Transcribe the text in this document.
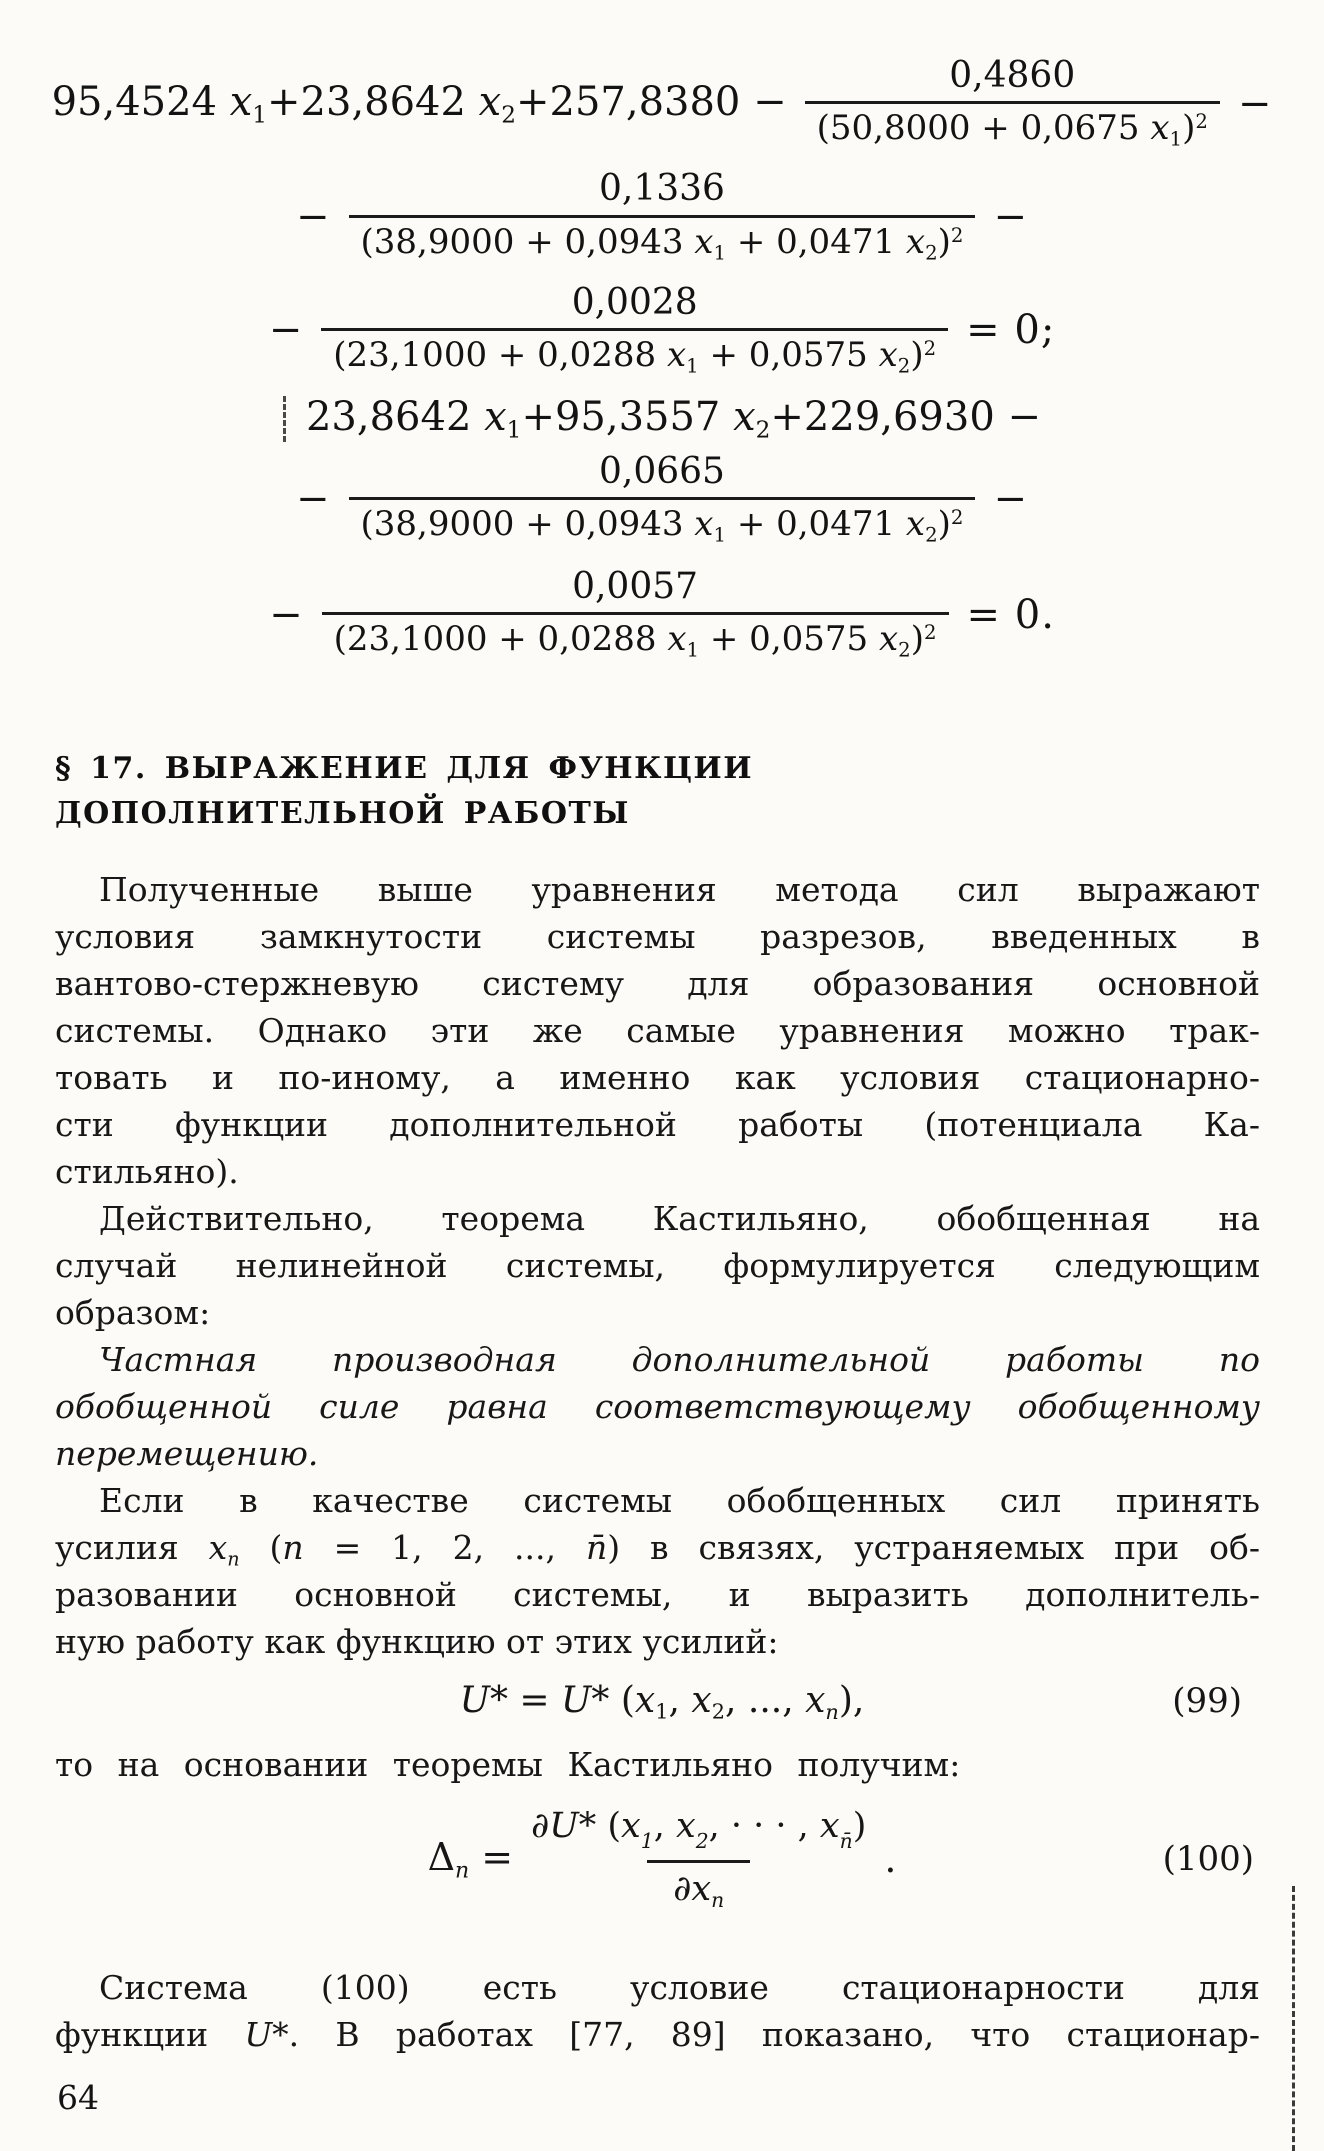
95,4524 x1+23,8642 $x2+257,8380 - \frac{0,4860}{(50,8000 + 0,0675 x1)^2}$ −
− $\frac{0,1336}{(38,9000 + 0,0943 x1 + 0,0471 x2)^2}$ −
− $\frac{0,0028}{(23,1000 + 0,0288 x1 + 0,0575 x2)^2} = 0$;
23,8642 x1+95,3557 x2+229,6930 −
− $\frac{0,0665}{(38,9000 + 0,0943 x1 + 0,0471 x2)^2}$ −
− $\frac{0,0057}{(23,1000 + 0,0288 x1 + 0,0575 x2)^2} = 0$.
§ 17. ВЫРАЖЕНИЕ ДЛЯ ФУНКЦИИ
ДОПОЛНИТЕЛЬНОЙ РАБОТЫ
Полученные выше уравнения метода сил выражают
условия замкнутости системы разрезов, введенных в
вантово-стержневую систему для образования основной
системы. Однако эти же самые уравнения можно трак-
товать и по-иному, а именно как условия стационарно-
сти функции дополнительной работы (потенциала Ка-
стильяно).
Действительно, теорема Кастильяно, обобщенная на
случай нелинейной системы, формулируется следующим
образом:
Частная производная дополнительной работы по
обобщенной силе равна соответствующему обобщенному
перемещению.
Если в качестве системы обобщенных сил принять
усилия xn (n = 1, 2, ..., n̄) в связях, устраняемых при об-
разовании основной системы, и выразить дополнитель-
ную работу как функцию от этих усилий:
U* = U* (x1, x2, ..., xn),	(99)
то на основании теоремы Кастильяно получим:
$\Delta n = \frac{\partial U* (x_1, x_2, \cdot \cdot \cdot , x_{n̄})}{\partial xn}$ .	(100)
Система (100) есть условие стационарности для
функции U*. В работах [77, 89] показано, что стационар-
64
